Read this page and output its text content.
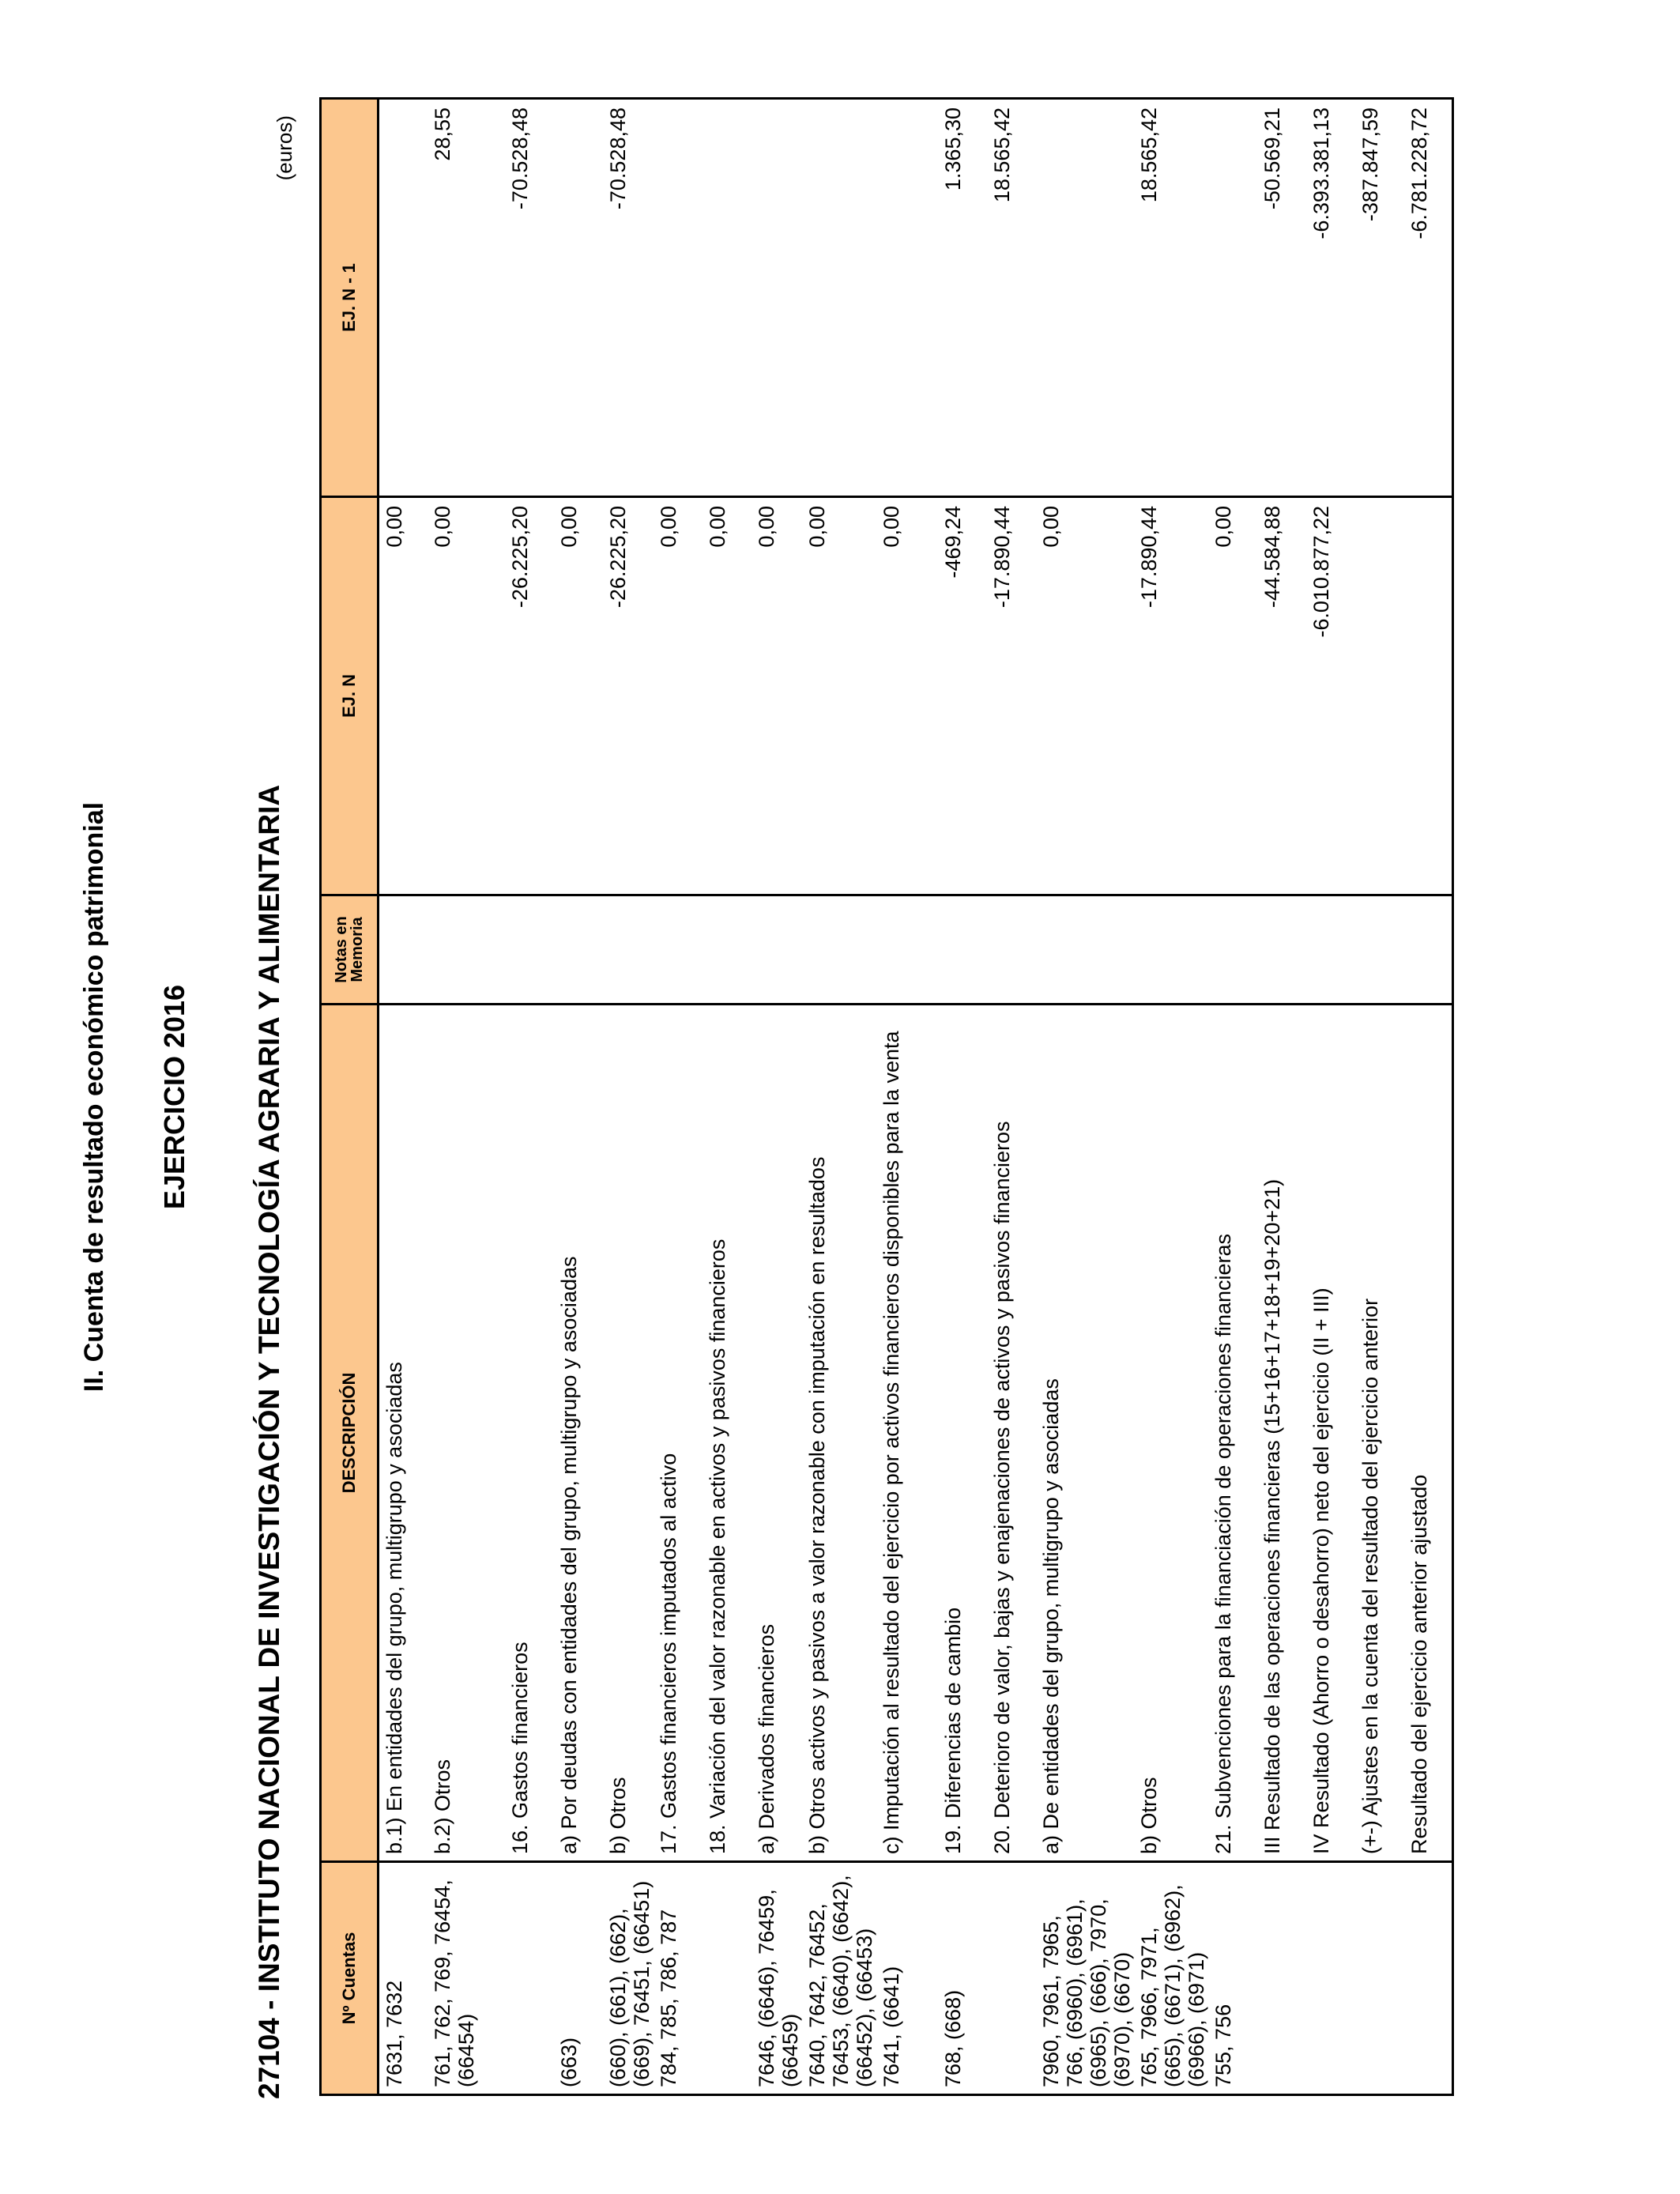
II. Cuenta de resultado económico patrimonial EJERCICIO 2016 27104 - INSTITUTO NACIONAL DE INVESTIGACIÓN Y TECNOLOGÍA AGRARIA Y ALIMENTARIA
(euros)
Nº Cuentas	DESCRIPCIÓN	Notas en Memoria	EJ. N	EJ. N - 1
7631, 7632	b.1) En entidades del grupo, multigrupo y asociadas		0,00	
761, 762, 769, 76454, (66454)	b.2) Otros		0,00	28,55
	16. Gastos financieros		-26.225,20	-70.528,48
(663)	a) Por deudas con entidades del grupo, multigrupo y asociadas		0,00	
(660), (661), (662), (669), 76451, (66451)	b) Otros		-26.225,20	-70.528,48
784, 785, 786, 787	17. Gastos financieros imputados al activo		0,00	
	18. Variación del valor razonable en activos y pasivos financieros		0,00	
7646, (6646), 76459, (66459)	a) Derivados financieros		0,00	
7640, 7642, 76452, 76453, (6640), (6642), (66452), (66453)	b) Otros activos y pasivos a valor razonable con imputación en resultados		0,00	
7641, (6641)	c) Imputación al resultado del ejercicio por activos financieros disponibles para la venta		0,00	
768, (668)	19. Diferencias de cambio		-469,24	1.365,30
	20. Deterioro de valor, bajas y enajenaciones de activos y pasivos financieros		-17.890,44	18.565,42
7960, 7961, 7965, 766, (6960), (6961), (6965), (666), 7970, (6970), (6670)	a) De entidades del grupo, multigrupo y asociadas		0,00	
765, 7966, 7971, (665), (6671), (6962), (6966), (6971)	b) Otros		-17.890,44	18.565,42
755, 756	21. Subvenciones para la financiación de operaciones financieras		0,00	
	III Resultado de las operaciones financieras (15+16+17+18+19+20+21)		-44.584,88	-50.569,21
	IV Resultado (Ahorro o desahorro) neto del ejercicio (II + III)		-6.010.877,22	-6.393.381,13
	(+-) Ajustes en la cuenta del resultado del ejercicio anterior			-387.847,59
	Resultado del ejercicio anterior ajustado			-6.781.228,72
